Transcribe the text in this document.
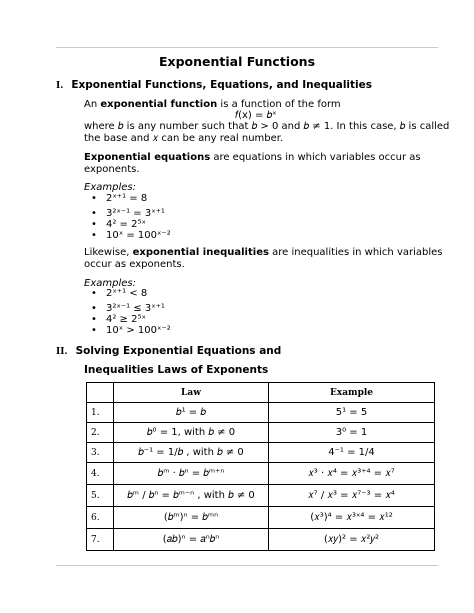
Exponential Functions
I. Exponential Functions, Equations, and Inequalities
An exponential function is a function of the form
𝑓(x) = 𝑏ˣ
where 𝑏 is any number such that 𝑏 > 0 and 𝑏 ≠ 1. In this case, 𝑏 is called
the base and 𝑥 can be any real number.
Exponential equations are equations in which variables occur as
exponents.
Examples:
• 2ˣ⁺¹ = 8
• 3²ˣ⁻¹ = 3ˣ⁺¹
• 4² = 2⁵ˣ
• 10ˣ = 100ˣ⁻²
Likewise, exponential inequalities are inequalities in which variables
occur as exponents.
Examples:
• 2ˣ⁺¹ < 8
• 3²ˣ⁻¹ ≤ 3ˣ⁺¹
• 4² ≥ 2⁵ˣ
• 10ˣ > 100ˣ⁻²
II. Solving Exponential Equations and
Inequalities Laws of Exponents
	Law	Example
1.	𝑏¹ = 𝑏	5¹ = 5
2.	𝑏⁰ = 1, with 𝑏 ≠ 0	3⁰ = 1
3.	𝑏⁻¹ = 1/𝑏 , with 𝑏 ≠ 0	4⁻¹ = 1/4
4.	𝑏ᵐ · 𝑏ⁿ = 𝑏ᵐ⁺ⁿ	𝑥³ · 𝑥⁴ = 𝑥³⁺⁴ = 𝑥⁷
5.	𝑏ᵐ / 𝑏ⁿ = 𝑏ᵐ⁻ⁿ , with 𝑏 ≠ 0	𝑥⁷ / 𝑥³ = 𝑥⁷⁻³ = 𝑥⁴
6.	(𝑏ᵐ)ⁿ = 𝑏ᵐⁿ	(𝑥³)⁴ = 𝑥³ˣ⁴ = 𝑥¹²
7.	(𝑎𝑏)ⁿ = 𝑎ⁿ𝑏ⁿ	(𝑥𝑦)² = 𝑥²𝑦²
